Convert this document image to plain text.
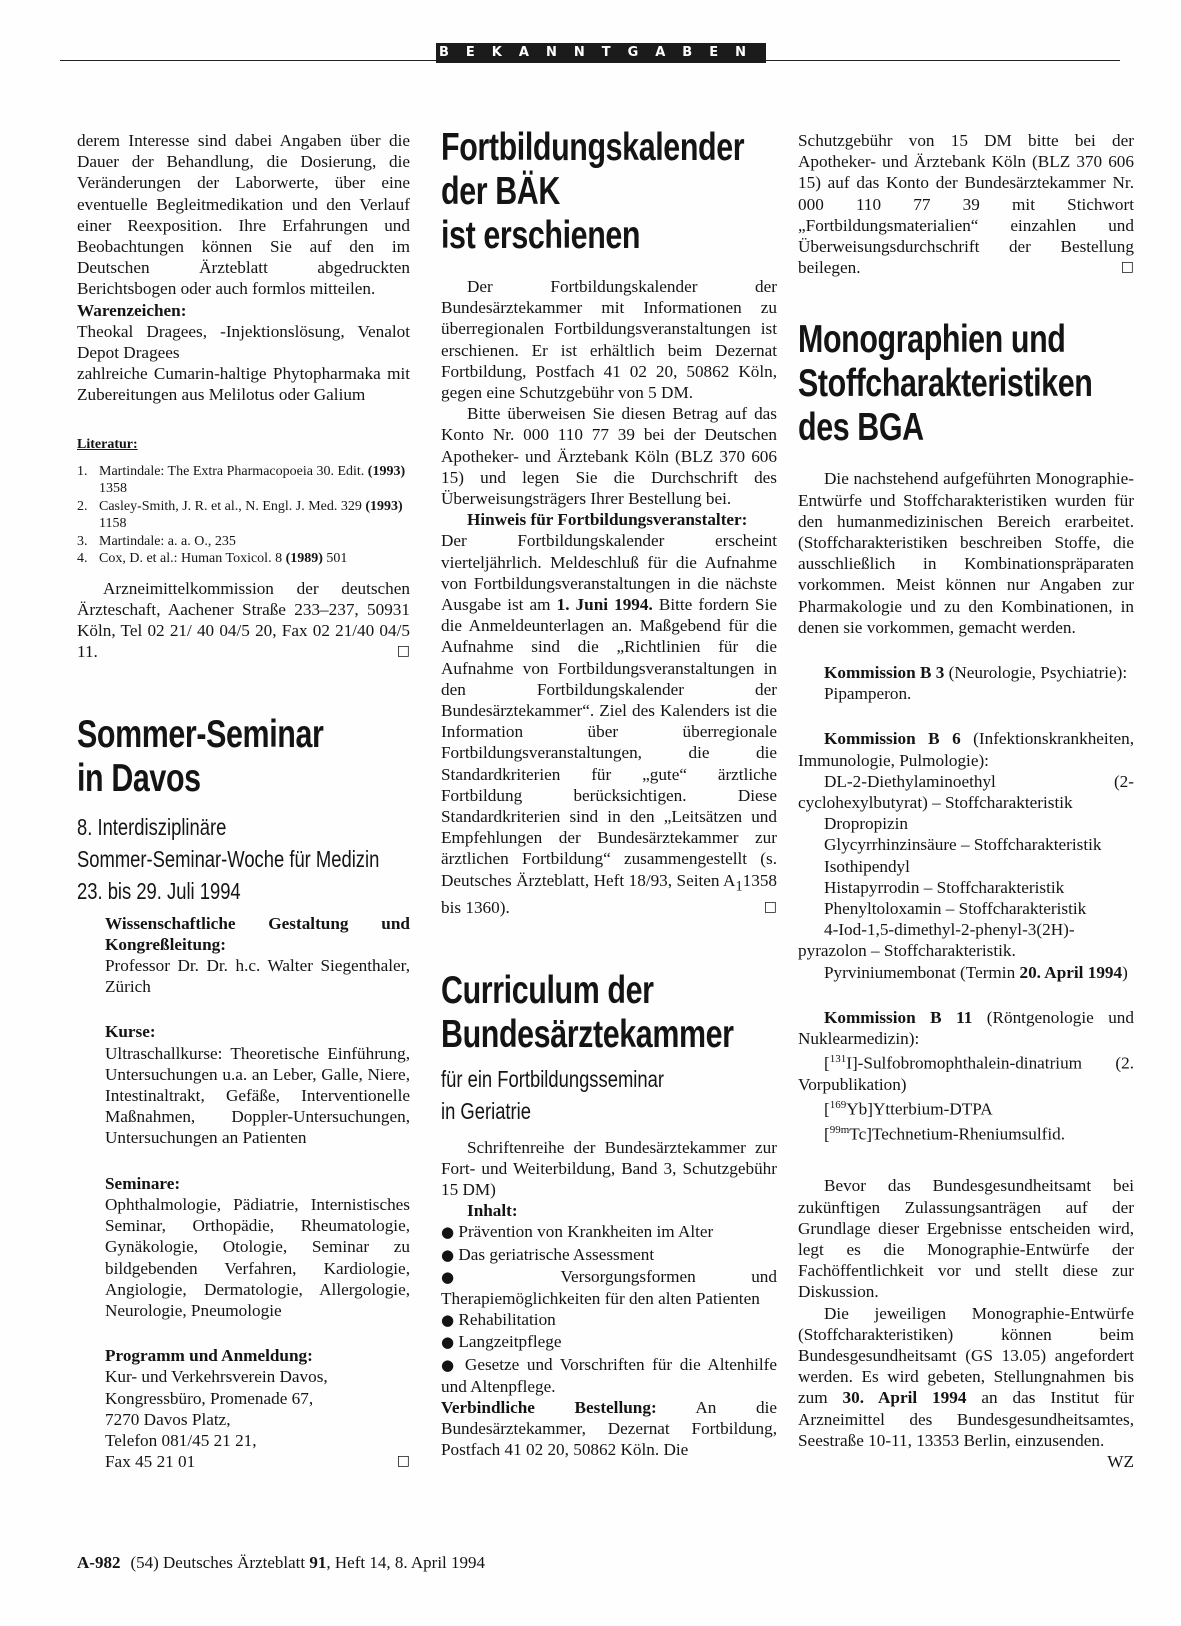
BEKANNTGABEN

derem Interesse sind dabei Angaben über die Dauer der Behandlung, die Dosierung, die Veränderungen der Laborwerte, über eine eventuelle Begleitmedikation und den Verlauf einer Reexposition. Ihre Erfahrungen und Beobachtungen können Sie auf den im Deutschen Ärzteblatt abgedruckten Berichtsbogen oder auch formlos mitteilen.

Warenzeichen:

Theokal Dragees, -Injektionslösung, Venalot Depot Dragees

zahlreiche Cumarin-haltige Phytopharmaka mit Zubereitungen aus Melilotus oder Galium

Literatur:
1. Martindale: The Extra Pharmacopoeia 30. Edit. (1993) 1358
2. Casley-Smith, J. R. et al., N. Engl. J. Med. 329 (1993) 1158
3. Martindale: a. a. O., 235
4. Cox, D. et al.: Human Toxicol. 8 (1989) 501

Arzneimittelkommission der deutschen Ärzteschaft, Aachener Straße 233–237, 50931 Köln, Tel 02 21/ 40 04/5 20, Fax 02 21/40 04/5 11.	□

Sommer-Seminar
in Davos
8. Interdisziplinäre
Sommer-Seminar-Woche für Medizin
23. bis 29. Juli 1994

Wissenschaftliche Gestaltung und Kongreßleitung:

Professor Dr. Dr. h.c. Walter Siegenthaler, Zürich

Kurse:

Ultraschallkurse: Theoretische Einführung, Untersuchungen u.a. an Leber, Galle, Niere, Intestinaltrakt, Gefäße, Interventionelle Maßnahmen, Doppler-Untersuchungen, Untersuchungen an Patienten

Seminare:

Ophthalmologie, Pädiatrie, Internistisches Seminar, Orthopädie, Rheumatologie, Gynäkologie, Otologie, Seminar zu bildgebenden Verfahren, Kardiologie, Angiologie, Dermatologie, Allergologie, Neurologie, Pneumologie

Programm und Anmeldung:

Kur- und Verkehrsverein Davos,
Kongressbüro, Promenade 67,
7270 Davos Platz,
Telefon 081/45 21 21,
Fax 45 21 01	□
Fortbildungskalender
der BÄK
ist erschienen

Der Fortbildungskalender der Bundesärztekammer mit Informationen zu überregionalen Fortbildungsveranstaltungen ist erschienen. Er ist erhältlich beim Dezernat Fortbildung, Postfach 41 02 20, 50862 Köln, gegen eine Schutzgebühr von 5 DM.

Bitte überweisen Sie diesen Betrag auf das Konto Nr. 000 110 77 39 bei der Deutschen Apotheker- und Ärztebank Köln (BLZ 370 606 15) und legen Sie die Durchschrift des Überweisungsträgers Ihrer Bestellung bei.

Hinweis für Fortbildungsveranstalter:

Der Fortbildungskalender erscheint vierteljährlich. Meldeschluß für die Aufnahme von Fortbildungsveranstaltungen in die nächste Ausgabe ist am 1. Juni 1994. Bitte fordern Sie die Anmeldeunterlagen an. Maßgebend für die Aufnahme sind die „Richtlinien für die Aufnahme von Fortbildungsveranstaltungen in den Fortbildungskalender der Bundesärztekammer“. Ziel des Kalenders ist die Information über überregionale Fortbildungsveranstaltungen, die die Standardkriterien für „gute“ ärztliche Fortbildung berücksichtigen. Diese Standardkriterien sind in den „Leitsätzen und Empfehlungen der Bundesärztekammer zur ärztlichen Fortbildung“ zusammengestellt (s. Deutsches Ärzteblatt, Heft 18/93, Seiten $A_11358$ bis 1360).	□

Curriculum der
Bundesärztekammer
für ein Fortbildungsseminar
in Geriatrie

Schriftenreihe der Bundesärztekammer zur Fort- und Weiterbildung, Band 3, Schutzgebühr 15 DM)

Inhalt:

● Prävention von Krankheiten im Alter

● Das geriatrische Assessment

●	Versorgungsformen und Therapiemöglichkeiten für den alten Patienten

● Rehabilitation

● Langzeitpflege

● Gesetze und Vorschriften für die Altenhilfe und Altenpflege.

Verbindliche Bestellung: An die Bundesärztekammer, Dezernat Fortbildung, Postfach 41 02 20, 50862 Köln. Die

Schutzgebühr von 15 DM bitte bei der Apotheker- und Ärztebank Köln (BLZ 370 606 15) auf das Konto der Bundesärztekammer Nr. 000 110 77 39 mit Stichwort „Fortbildungsmaterialien“ einzahlen und Überweisungsdurchschrift der Bestellung beilegen.	□

Monographien und
Stoffcharakteristiken
des BGA

Die nachstehend aufgeführten Monographie-Entwürfe und Stoffcharakteristiken wurden für den humanmedizinischen Bereich erarbeitet. (Stoffcharakteristiken beschreiben Stoffe, die ausschließlich in Kombinationspräparaten vorkommen. Meist können nur Angaben zur Pharmakologie und zu den Kombinationen, in denen sie vorkommen, gemacht werden.

Kommission B 3 (Neurologie, Psychiatrie):

Pipamperon.

Kommission B 6 (Infektionskrankheiten, Immunologie, Pulmologie):

DL-2-Diethylaminoethyl (2-cyclohexylbutyrat) – Stoffcharakteristik

Dropropizin

Glycyrrhinzinsäure – Stoffcharakteristik

Isothipendyl

Histapyrrodin – Stoffcharakteristik

Phenyltoloxamin – Stoffcharakteristik

4-Iod-1,5-dimethyl-2-phenyl-3(2H)-pyrazolon – Stoffcharakteristik.

Pyrviniumembonat (Termin 20. April 1994)

Kommission B 11 (Röntgenologie und Nuklearmedizin):

[$^{131}$I]-Sulfobromophthalein-dinatrium (2. Vorpublikation)

[$^{169}$Yb]Ytterbium-DTPA

[$^{99m}$Tc]Technetium-Rheniumsulfid.

Bevor das Bundesgesundheitsamt bei zukünftigen Zulassungsanträgen auf der Grundlage dieser Ergebnisse entscheiden wird, legt es die Monographie-Entwürfe der Fachöffentlichkeit vor und stellt diese zur Diskussion.

Die jeweiligen Monographie-Entwürfe (Stoffcharakteristiken) können beim Bundesgesundheitsamt (GS 13.05) angefordert werden. Es wird gebeten, Stellungnahmen bis zum 30. April 1994 an das Institut für Arzneimittel des Bundesgesundheitsamtes, Seestraße 10-11, 13353 Berlin, einzusenden.
WZ

A-982 (54) Deutsches Ärzteblatt 91, Heft 14, 8. April 1994
